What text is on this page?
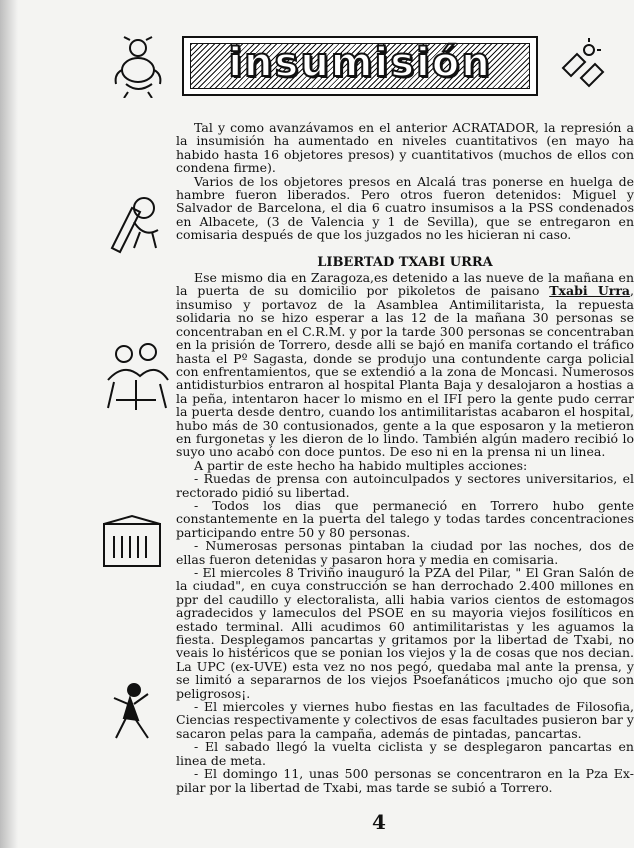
insumisión

Tal y como avanzávamos en el anterior ACRATADOR, la represión a la insumisión ha aumentado en niveles cuantitativos (en mayo ha habido hasta 16 objetores presos) y cuantitativos (muchos de ellos con condena firme).

Varios de los objetores presos en Alcalá tras ponerse en huelga de hambre fueron liberados. Pero otros fueron detenidos: Miguel y Salvador de Barcelona, el dia 6 cuatro insumisos a la PSS condenados en Albacete, (3 de Valencia y 1 de Sevilla), que se entregaron en comisaria después de que los juzgados no les hicieran ni caso.

LIBERTAD TXABI URRA

Ese mismo dia en Zaragoza,es detenido a las nueve de la mañana en la puerta de su domicilio por pikoletos de paisano Txabi Urra, insumiso y portavoz de la Asamblea Antimilitarista, la repuesta solidaria no se hizo esperar a las 12 de la mañana 30 personas se concentraban en el C.R.M. y por la tarde 300 personas se concentraban en la prisión de Torrero, desde alli se bajó en manifa cortando el tráfico hasta el Pº Sagasta, donde se produjo una contundente carga policial con enfrentamientos, que se extendió a la zona de Moncasi. Numerosos antidisturbios entraron al hospital Planta Baja y desalojaron a hostias a la peña, intentaron hacer lo mismo en el IFI pero la gente pudo cerrar la puerta desde dentro, cuando los antimilitaristas acabaron el hospital, hubo más de 30 contusionados, gente a la que esposaron y la metieron en furgonetas y les dieron de lo lindo. También algún madero recibió lo suyo uno acabó con doce puntos. De eso ni en la prensa ni un linea.

A partir de este hecho ha habido multiples acciones:

- Ruedas de prensa con autoinculpados y sectores universitarios, el rectorado pidió su libertad.

- Todos los dias que permaneció en Torrero hubo gente constantemente en la puerta del talego y todas tardes concentraciones participando entre 50 y 80 personas.

- Numerosas personas pintaban la ciudad por las noches, dos de ellas fueron detenidas y pasaron hora y media en comisaria.

- El miercoles 8 Triviño inauguró la PZA del Pilar, " El Gran Salón de la ciudad", en cuya construcción se han derrochado 2.400 millones en ppr del caudillo y electoralista, alli habia varios cientos de estomagos agradecidos y lameculos del PSOE en su mayoria viejos fosilíticos en estado terminal. Alli acudimos 60 antimilitaristas y les aguamos la fiesta. Desplegamos pancartas y gritamos por la libertad de Txabi, no veais lo histéricos que se ponian los viejos y la de cosas que nos decian. La UPC (ex-UVE) esta vez no nos pegó, quedaba mal ante la prensa, y se limitó a separarnos de los viejos Psoefanáticos ¡mucho ojo que son peligrosos¡.

- El miercoles y viernes hubo fiestas en las facultades de Filosofia, Ciencias respectivamente y colectivos de esas facultades pusieron bar y sacaron pelas para la campaña, además de pintadas, pancartas.

- El sabado llegó la vuelta ciclista y se desplegaron pancartas en linea de meta.

- El domingo 11, unas 500 personas se concentraron en la Pza Ex-pilar por la libertad de Txabi, mas tarde se subió a Torrero.

4
